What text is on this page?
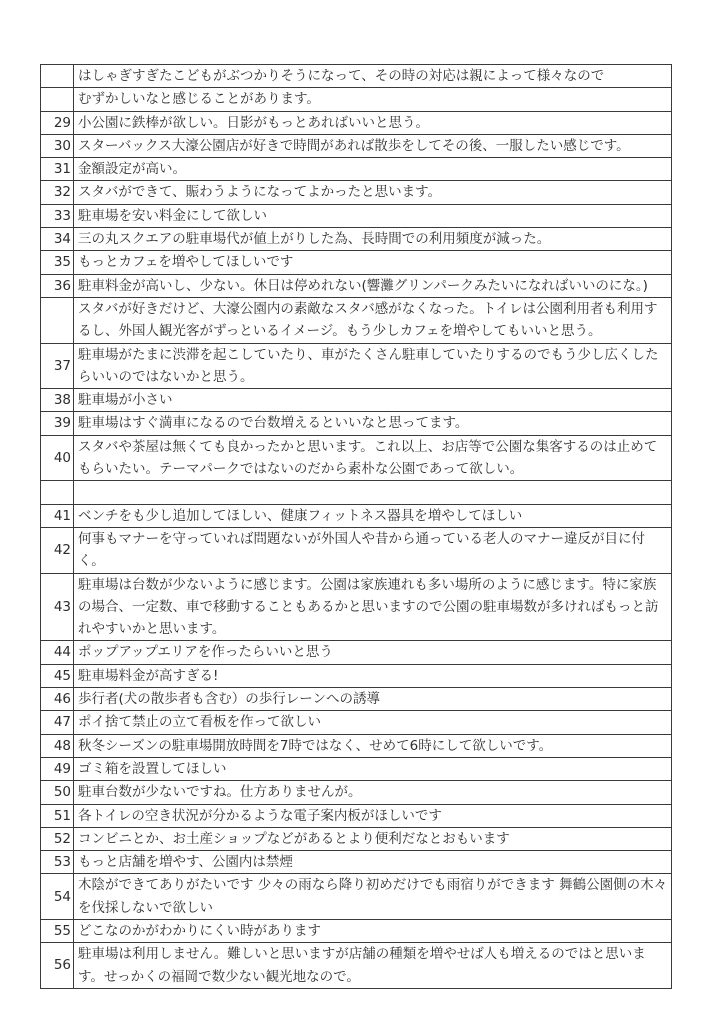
	はしゃぎすぎたこどもがぶつかりそうになって、その時の対応は親によって様々なので
	むずかしいなと感じることがあります。
29	小公園に鉄棒が欲しい。日影がもっとあればいいと思う。
30	スターバックス大濠公園店が好きで時間があれば散歩をしてその後、一服したい感じです。
31	金額設定が高い。
32	スタバができて、賑わうようになってよかったと思います。
33	駐車場を安い料金にして欲しい
34	三の丸スクエアの駐車場代が値上がりした為、長時間での利用頻度が減った。
35	もっとカフェを増やしてほしいです
36	駐車料金が高いし、少ない。休日は停めれない(響灘グリンパークみたいになればいいのにな。)
	スタバが好きだけど、大濠公園内の素敵なスタバ感がなくなった。トイレは公園利用者も利用するし、外国人観光客がずっといるイメージ。もう少しカフェを増やしてもいいと思う。
37	駐車場がたまに渋滞を起こしていたり、車がたくさん駐車していたりするのでもう少し広くしたらいいのではないかと思う。
38	駐車場が小さい
39	駐車場はすぐ満車になるので台数増えるといいなと思ってます。
40	スタバや茶屋は無くても良かったかと思います。これ以上、お店等で公園な集客するのは止めてもらいたい。テーマパークではないのだから素朴な公園であって欲しい。

41	ベンチをも少し追加してほしい、健康フィットネス器具を増やしてほしい
42	何事もマナーを守っていれば問題ないが外国人や昔から通っている老人のマナー違反が目に付く。
43	駐車場は台数が少ないように感じます。公園は家族連れも多い場所のように感じます。特に家族の場合、一定数、車で移動することもあるかと思いますので公園の駐車場数が多ければもっと訪れやすいかと思います。
44	ポップアップエリアを作ったらいいと思う
45	駐車場料金が高すぎる!
46	歩行者(犬の散歩者も含む）の歩行レーンへの誘導
47	ポイ捨て禁止の立て看板を作って欲しい
48	秋冬シーズンの駐車場開放時間を7時ではなく、せめて6時にして欲しいです。
49	ゴミ箱を設置してほしい
50	駐車台数が少ないですね。仕方ありませんが。
51	各トイレの空き状況が分かるような電子案内板がほしいです
52	コンビニとか、お土産ショップなどがあるとより便利だなとおもいます
53	もっと店舗を増やす、公園内は禁煙
54	木陰ができてありがたいです 少々の雨なら降り初めだけでも雨宿りができます 舞鶴公園側の木々を伐採しないで欲しい
55	どこなのかがわかりにくい時があります
56	駐車場は利用しません。難しいと思いますが店舗の種類を増やせば人も増えるのではと思います。せっかくの福岡で数少ない観光地なので。
